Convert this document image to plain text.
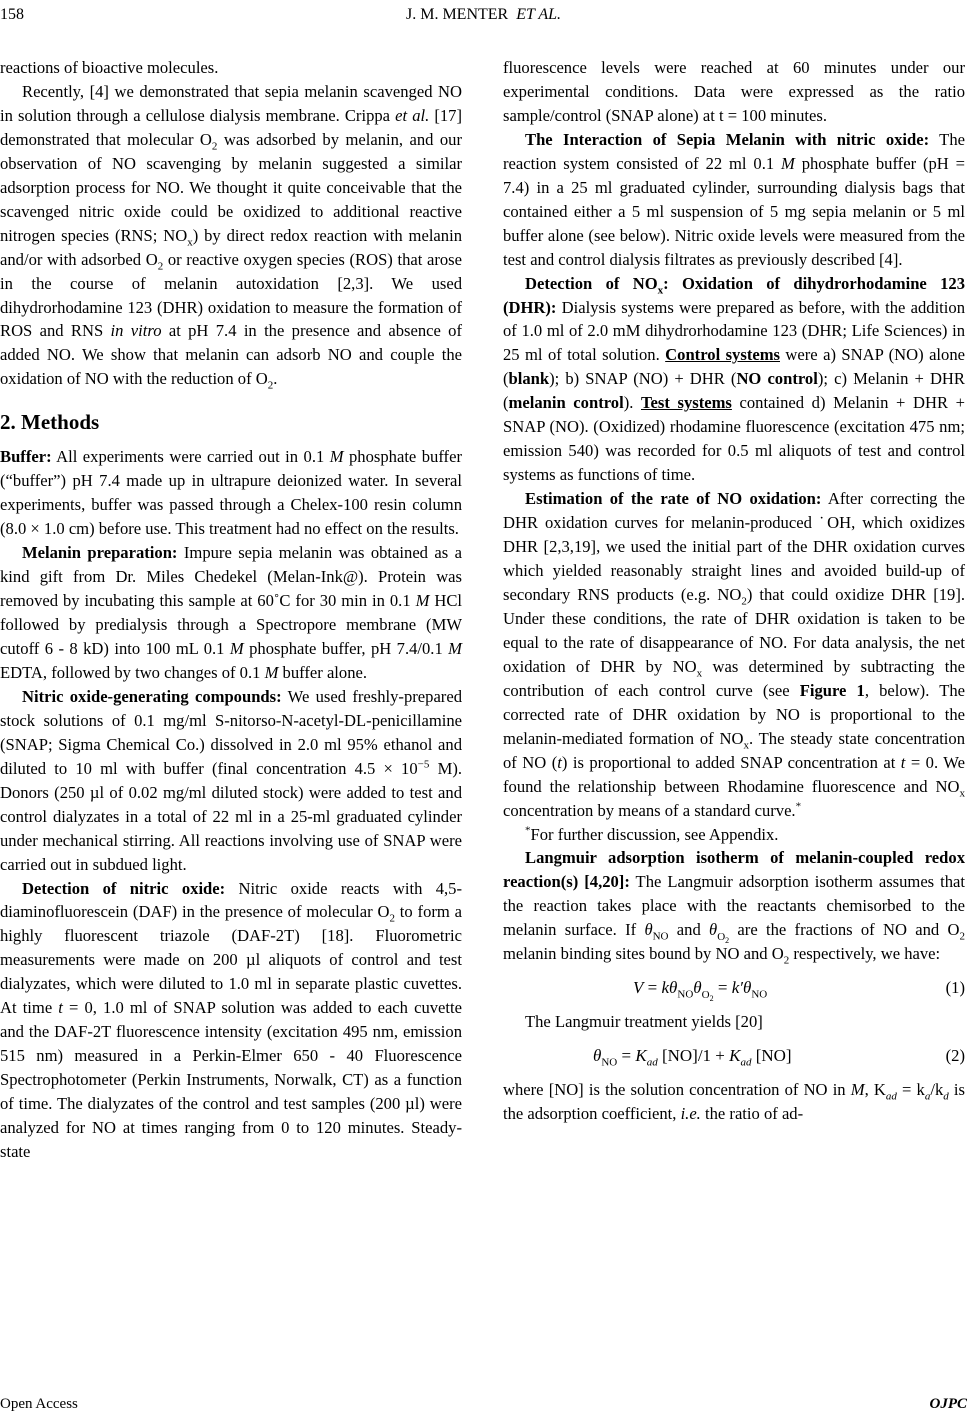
158	J. M. MENTER ET AL.

reactions of bioactive molecules.

Recently, [4] we demonstrated that sepia melanin scavenged NO in solution through a cellulose dialysis membrane. Crippa et al. [17] demonstrated that molecular $O_2$ was adsorbed by melanin, and our observation of NO scavenging by melanin suggested a similar adsorption process for NO. We thought it quite conceivable that the scavenged nitric oxide could be oxidized to additional reactive nitrogen species (RNS; $NO_x$) by direct redox reaction with melanin and/or with adsorbed $O_2$ or reactive oxygen species (ROS) that arose in the course of melanin autoxidation [2,3]. We used dihydrorhodamine 123 (DHR) oxidation to measure the formation of ROS and RNS in vitro at pH 7.4 in the presence and absence of added NO. We show that melanin can adsorb NO and couple the oxidation of NO with the reduction of $O_2$.

2. Methods

Buffer: All experiments were carried out in 0.1 M phosphate buffer (“buffer”) pH 7.4 made up in ultrapure deionized water. In several experiments, buffer was passed through a Chelex-100 resin column (8.0 × 1.0 cm) before use. This treatment had no effect on the results.

Melanin preparation: Impure sepia melanin was obtained as a kind gift from Dr. Miles Chedekel (Melan-Ink@). Protein was removed by incubating this sample at 60˚C for 30 min in 0.1 M HCl followed by predialysis through a Spectropore membrane (MW cutoff 6 - 8 kD) into 100 mL 0.1 M phosphate buffer, pH 7.4/0.1 M EDTA, followed by two changes of 0.1 M buffer alone.

Nitric oxide-generating compounds: We used freshly-prepared stock solutions of 0.1 mg/ml S-nitorso-N-acetyl-DL-penicillamine (SNAP; Sigma Chemical Co.) dissolved in 2.0 ml 95% ethanol and diluted to 10 ml with buffer (final concentration $4.5 \times 10^{-5}$ M). Donors (250 µl of 0.02 mg/ml diluted stock) were added to test and control dialyzates in a total of 22 ml in a 25-ml graduated cylinder under mechanical stirring. All reactions involving use of SNAP were carried out in subdued light.

Detection of nitric oxide: Nitric oxide reacts with 4,5-diaminofluorescein (DAF) in the presence of molecular $O_2$ to form a highly fluorescent triazole (DAF-2T) [18]. Fluorometric measurements were made on 200 µl aliquots of control and test dialyzates, which were diluted to 1.0 ml in separate plastic cuvettes. At time t = 0, 1.0 ml of SNAP solution was added to each cuvette and the DAF-2T fluorescence intensity (excitation 495 nm, emission 515 nm) measured in a Perkin-Elmer 650 - 40 Fluorescence Spectrophotometer (Perkin Instruments, Norwalk, CT) as a function of time. The dialyzates of the control and test samples (200 µl) were analyzed for NO at times ranging from 0 to 120 minutes. Steady-state

fluorescence levels were reached at 60 minutes under our experimental conditions. Data were expressed as the ratio sample/control (SNAP alone) at t = 100 minutes.

The Interaction of Sepia Melanin with nitric oxide: The reaction system consisted of 22 ml 0.1 M phosphate buffer (pH = 7.4) in a 25 ml graduated cylinder, surrounding dialysis bags that contained either a 5 ml suspension of 5 mg sepia melanin or 5 ml buffer alone (see below). Nitric oxide levels were measured from the test and control dialysis filtrates as previously described [4].

Detection of $NO_x$: Oxidation of dihydrorhodamine 123 (DHR): Dialysis systems were prepared as before, with the addition of 1.0 ml of 2.0 mM dihydrorhodamine 123 (DHR; Life Sciences) in 25 ml of total solution. Control systems were a) SNAP (NO) alone (blank); b) SNAP (NO) + DHR (NO control); c) Melanin + DHR (melanin control). Test systems contained d) Melanin + DHR + SNAP (NO). (Oxidized) rhodamine fluorescence (excitation 475 nm; emission 540) was recorded for 0.5 ml aliquots of test and control systems as functions of time.

Estimation of the rate of NO oxidation: After correcting the DHR oxidation curves for melanin-produced ˙OH, which oxidizes DHR [2,3,19], we used the initial part of the DHR oxidation curves which yielded reasonably straight lines and avoided build-up of secondary RNS products (e.g. $NO_2$) that could oxidize DHR [19]. Under these conditions, the rate of DHR oxidation is taken to be equal to the rate of disappearance of NO. For data analysis, the net oxidation of DHR by $NO_x$ was determined by subtracting the contribution of each control curve (see Figure 1, below). The corrected rate of DHR oxidation by NO is proportional to the melanin-mediated formation of $NO_x$. The steady state concentration of NO (t) is proportional to added SNAP concentration at t = 0. We found the relationship between Rhodamine fluorescence and $NO_x$ concentration by means of a standard curve.*

*For further discussion, see Appendix.

Langmuir adsorption isotherm of melanin-coupled redox reaction(s) [4,20]: The Langmuir adsorption isotherm assumes that the reaction takes place with the reactants chemisorbed to the melanin surface. If $\theta_{NO}$ and $\theta_{O_2}$ are the fractions of NO and $O_2$ melanin binding sites bound by NO and $O_2$ respectively, we have:

$V = k\theta_{NO}\theta_{O_2} = k'\theta_{NO}$	(1)

The Langmuir treatment yields [20]

$\theta_{NO} = K_{ad}$ $[NO]/1 + K_{ad}$ [NO]	(2)

where [NO] is the solution concentration of NO in M, $K_{ad} = k_a/k_d$ is the adsorption coefficient, i.e. the ratio of ad-

Open Access	OJPC
